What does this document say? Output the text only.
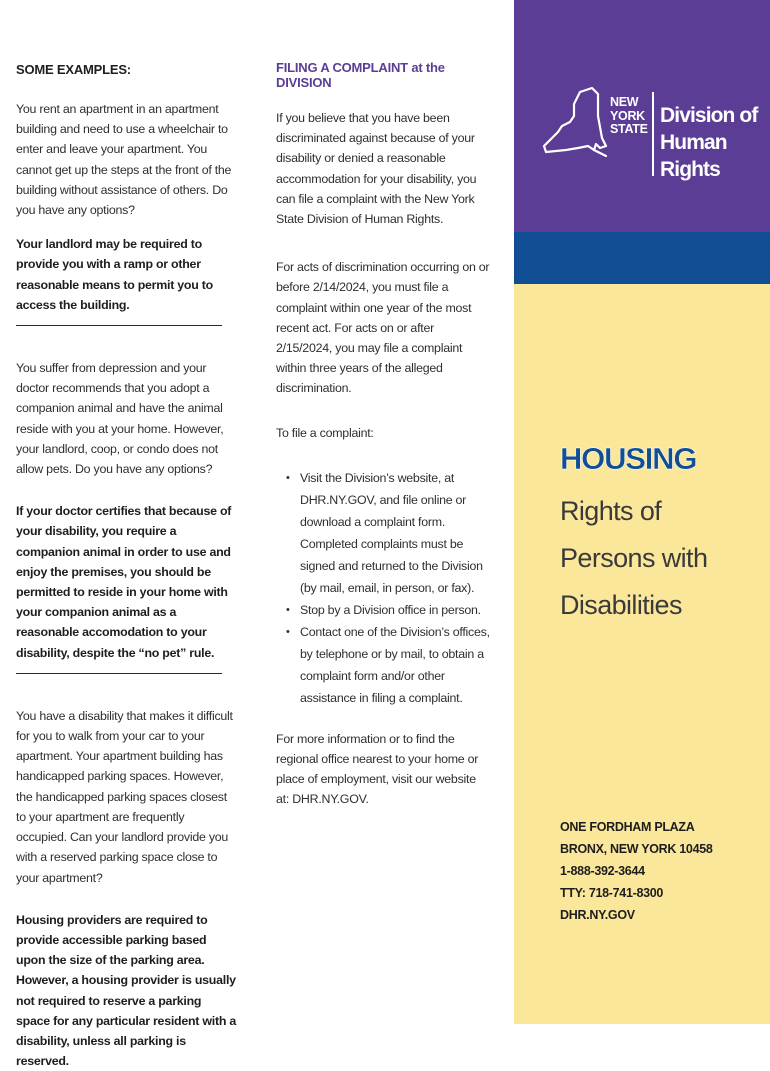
SOME EXAMPLES:
You rent an apartment in an apartment building and need to use a wheelchair to enter and leave your apartment. You cannot get up the steps at the front of the building without assistance of others. Do you have any options?
Your landlord may be required to provide you with a ramp or other reasonable means to permit you to access the building.
You suffer from depression and your doctor recommends that you adopt a companion animal and have the animal reside with you at your home. However, your landlord, coop, or condo does not allow pets. Do you have any options?
If your doctor certifies that because of your disability, you require a companion animal in order to use and enjoy the premises, you should be permitted to reside in your home with your companion animal as a reasonable accomodation to your disability, despite the “no pet” rule.
You have a disability that makes it difficult for you to walk from your car to your apartment. Your apartment building has handicapped parking spaces. However, the handicapped parking spaces closest to your apartment are frequently occupied. Can your landlord provide you with a reserved parking space close to your apartment?
Housing providers are required to provide accessible parking based upon the size of the parking area. However, a housing provider is usually not required to reserve a parking space for any particular resident with a disability, unless all parking is reserved.
FILING A COMPLAINT at the DIVISION
If you believe that you have been discriminated against because of your disability or denied a reasonable accommodation for your disability, you can file a complaint with the New York State Division of Human Rights.
For acts of discrimination occurring on or before 2/14/2024, you must file a complaint within one year of the most recent act. For acts on or after 2/15/2024, you may file a complaint within three years of the alleged discrimination.
To file a complaint:
• Visit the Division’s website, at DHR.NY.GOV, and file online or download a complaint form. Completed complaints must be signed and returned to the Division (by mail, email, in person, or fax).
• Stop by a Division office in person.
• Contact one of the Division’s offices, by telephone or by mail, to obtain a complaint form and/or other assistance in filing a complaint.
For more information or to find the regional office nearest to your home or place of employment, visit our website at: DHR.NY.GOV.
NEW
YORK
STATE
Division of
Human Rights
HOUSING
Rights of
Persons with
Disabilities
ONE FORDHAM PLAZA
BRONX, NEW YORK 10458
1-888-392-3644
TTY: 718-741-8300
DHR.NY.GOV
